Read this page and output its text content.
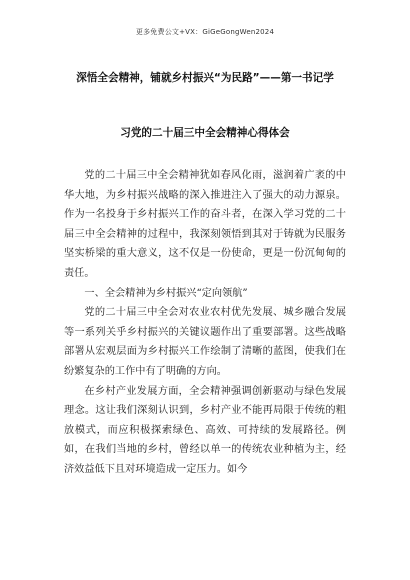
更多免费公文+VX：GiGeGongWen2024
深悟全会精神，铺就乡村振兴“为民路”——第一书记学
习党的二十届三中全会精神心得体会

党的二十届三中全会精神犹如春风化雨，滋润着广袤的中华大地，为乡村振兴战略的深入推进注入了强大的动力源泉。作为一名投身于乡村振兴工作的奋斗者，在深入学习党的二十届三中全会精神的过程中，我深刻领悟到其对于铸就为民服务坚实桥梁的重大意义，这不仅是一份使命，更是一份沉甸甸的责任。

一、全会精神为乡村振兴“定向领航”

党的二十届三中全会对农业农村优先发展、城乡融合发展等一系列关乎乡村振兴的关键议题作出了重要部署。这些战略部署从宏观层面为乡村振兴工作绘制了清晰的蓝图，使我们在纷繁复杂的工作中有了明确的方向。

在乡村产业发展方面，全会精神强调创新驱动与绿色发展理念。这让我们深刻认识到，乡村产业不能再局限于传统的粗放模式，而应积极探索绿色、高效、可持续的发展路径。例如，在我们当地的乡村，曾经以单一的传统农业种植为主，经济效益低下且对环境造成一定压力。如今
